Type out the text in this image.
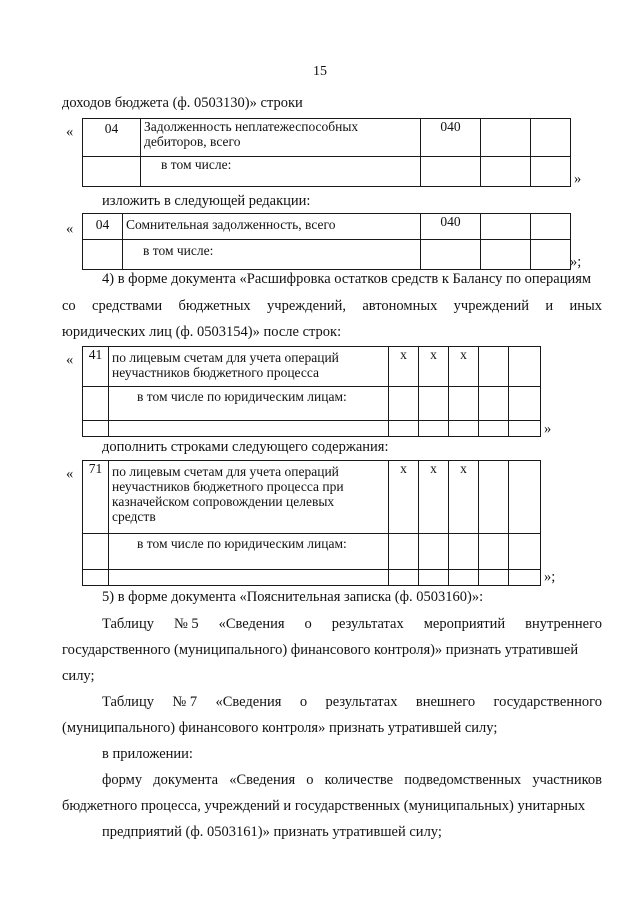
15
доходов бюджета (ф. 0503130)» строки
« 04	Задолженность неплатежеспособных
дебиторов, всего	040		
	в том числе:			
»
изложить в следующей редакции:
« 04	Сомнительная задолженность, всего	040		
	в том числе:			
»;
4) в форме документа «Расшифровка остатков средств к Балансу по операциям
со средствами бюджетных учреждений, автономных учреждений и иных
юридических лиц (ф. 0503154)» после строк:
« 41	по лицевым счетам для учета операций
неучастников бюджетного процесса	х	х	х		
	в том числе по юридическим лицам:					

»
дополнить строками следующего содержания:
« 71	по лицевым счетам для учета операций
неучастников бюджетного процесса при
казначейском сопровождении целевых
средств	х	х	х		
	в том числе по юридическим лицам:					

»;
5) в форме документа «Пояснительная записка (ф. 0503160)»:
Таблицу № 5 «Сведения о результатах мероприятий внутреннего
государственного (муниципального) финансового контроля)» признать утратившей
силу;
Таблицу № 7 «Сведения о результатах внешнего государственного
(муниципального) финансового контроля» признать утратившей силу;
в приложении:
форму документа «Сведения о количестве подведомственных участников
бюджетного процесса, учреждений и государственных (муниципальных) унитарных
предприятий (ф. 0503161)» признать утратившей силу;
